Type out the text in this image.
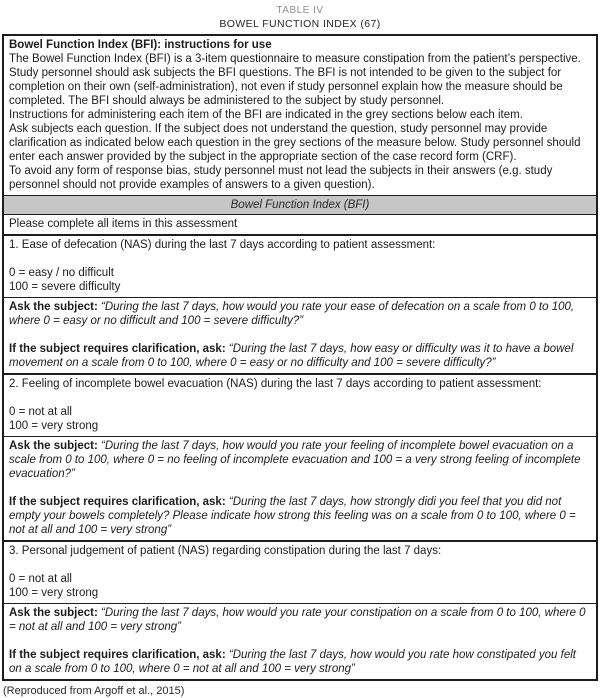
TABLE IV
BOWEL FUNCTION INDEX (67)

Bowel Function Index (BFI): instructions for use

The Bowel Function Index (BFI) is a 3-item questionnaire to measure constipation from the patient’s perspective. Study personnel should ask subjects the BFI questions. The BFI is not intended to be given to the subject for completion on their own (self-administration), not even if study personnel explain how the measure should be completed. The BFI should always be administered to the subject by study personnel.

Instructions for administering each item of the BFI are indicated in the grey sections below each item.

Ask subjects each question. If the subject does not understand the question, study personnel may provide clarification as indicated below each question in the grey sections of the measure below. Study personnel should enter each answer provided by the subject in the appropriate section of the case record form (CRF).

To avoid any form of response bias, study personnel must not lead the subjects in their answers (e.g. study personnel should not provide examples of answers to a given question).

Bowel Function Index (BFI)
Please complete all items in this assessment
1. Ease of defecation (NAS) during the last 7 days according to patient assessment:
0 = easy / no difficult
100 = severe difficulty

Ask the subject: “During the last 7 days, how would you rate your ease of defecation on a scale from 0 to 100, where 0 = easy or no difficult and 100 = severe difficulty?”

If the subject requires clarification, ask: “During the last 7 days, how easy or difficulty was it to have a bowel movement on a scale from 0 to 100, where 0 = easy or no difficulty and 100 = severe difficulty?”

2. Feeling of incomplete bowel evacuation (NAS) during the last 7 days according to patient assessment:
0 = not at all
100 = very strong

Ask the subject: “During the last 7 days, how would you rate your feeling of incomplete bowel evacuation on a scale from 0 to 100, where 0 = no feeling of incomplete evacuation and 100 = a very strong feeling of incomplete evacuation?”

If the subject requires clarification, ask: “During the last 7 days, how strongly didi you feel that you did not empty your bowels completely? Please indicate how strong this feeling was on a scale from 0 to 100, where 0 = not at all and 100 = very strong”

3. Personal judgement of patient (NAS) regarding constipation during the last 7 days:
0 = not at all
100 = very strong

Ask the subject: “During the last 7 days, how would you rate your constipation on a scale from 0 to 100, where 0 = not at all and 100 = very strong”

If the subject requires clarification, ask: “During the last 7 days, how would you rate how constipated you felt on a scale from 0 to 100, where 0 = not at all and 100 = very strong”

(Reproduced from Argoff et al., 2015)
